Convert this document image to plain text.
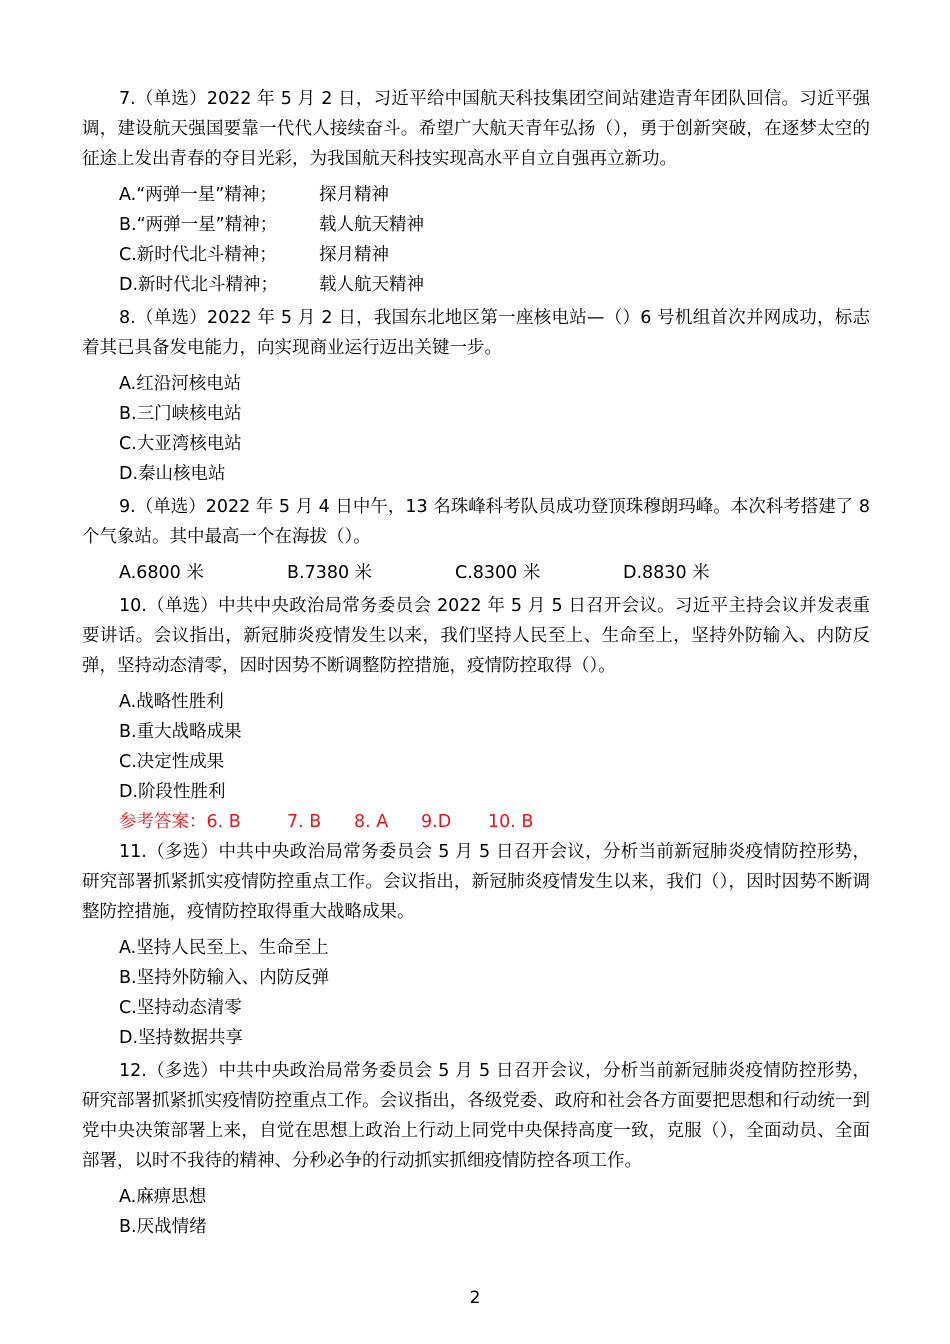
7.（单选）2022 年 5 月 2 日，习近平给中国航天科技集团空间站建造青年团队回信。习近平强调，建设航天强国要靠一代代人接续奋斗。希望广大航天青年弘扬（），勇于创新突破，在逐梦太空的征途上发出青春的夺目光彩，为我国航天科技实现高水平自立自强再立新功。

A.“两弹一星”精神； 探月精神
B.“两弹一星”精神； 载人航天精神
C.新时代北斗精神； 探月精神
D.新时代北斗精神； 载人航天精神

8.（单选）2022 年 5 月 2 日，我国东北地区第一座核电站—（）6 号机组首次并网成功，标志着其已具备发电能力，向实现商业运行迈出关键一步。

A.红沿河核电站
B.三门峡核电站
C.大亚湾核电站
D.秦山核电站

9.（单选）2022 年 5 月 4 日中午，13 名珠峰科考队员成功登顶珠穆朗玛峰。本次科考搭建了 8 个气象站。其中最高一个在海拔（）。

A.6800 米	B.7380 米	C.8300 米	D.8830 米

10.（单选）中共中央政治局常务委员会 2022 年 5 月 5 日召开会议。习近平主持会议并发表重要讲话。会议指出，新冠肺炎疫情发生以来，我们坚持人民至上、生命至上，坚持外防输入、内防反弹，坚持动态清零，因时因势不断调整防控措施，疫情防控取得（）。

A.战略性胜利
B.重大战略成果
C.决定性成果
D.阶段性胜利
参考答案：6. B	7. B	8. A	9.D	10. B

11.（多选）中共中央政治局常务委员会 5 月 5 日召开会议，分析当前新冠肺炎疫情防控形势，研究部署抓紧抓实疫情防控重点工作。会议指出，新冠肺炎疫情发生以来，我们（），因时因势不断调整防控措施，疫情防控取得重大战略成果。

A.坚持人民至上、生命至上
B.坚持外防输入、内防反弹
C.坚持动态清零
D.坚持数据共享

12.（多选）中共中央政治局常务委员会 5 月 5 日召开会议，分析当前新冠肺炎疫情防控形势，研究部署抓紧抓实疫情防控重点工作。会议指出，各级党委、政府和社会各方面要把思想和行动统一到党中央决策部署上来，自觉在思想上政治上行动上同党中央保持高度一致，克服（），全面动员、全面部署，以时不我待的精神、分秒必争的行动抓实抓细疫情防控各项工作。

A.麻痹思想
B.厌战情绪
2
